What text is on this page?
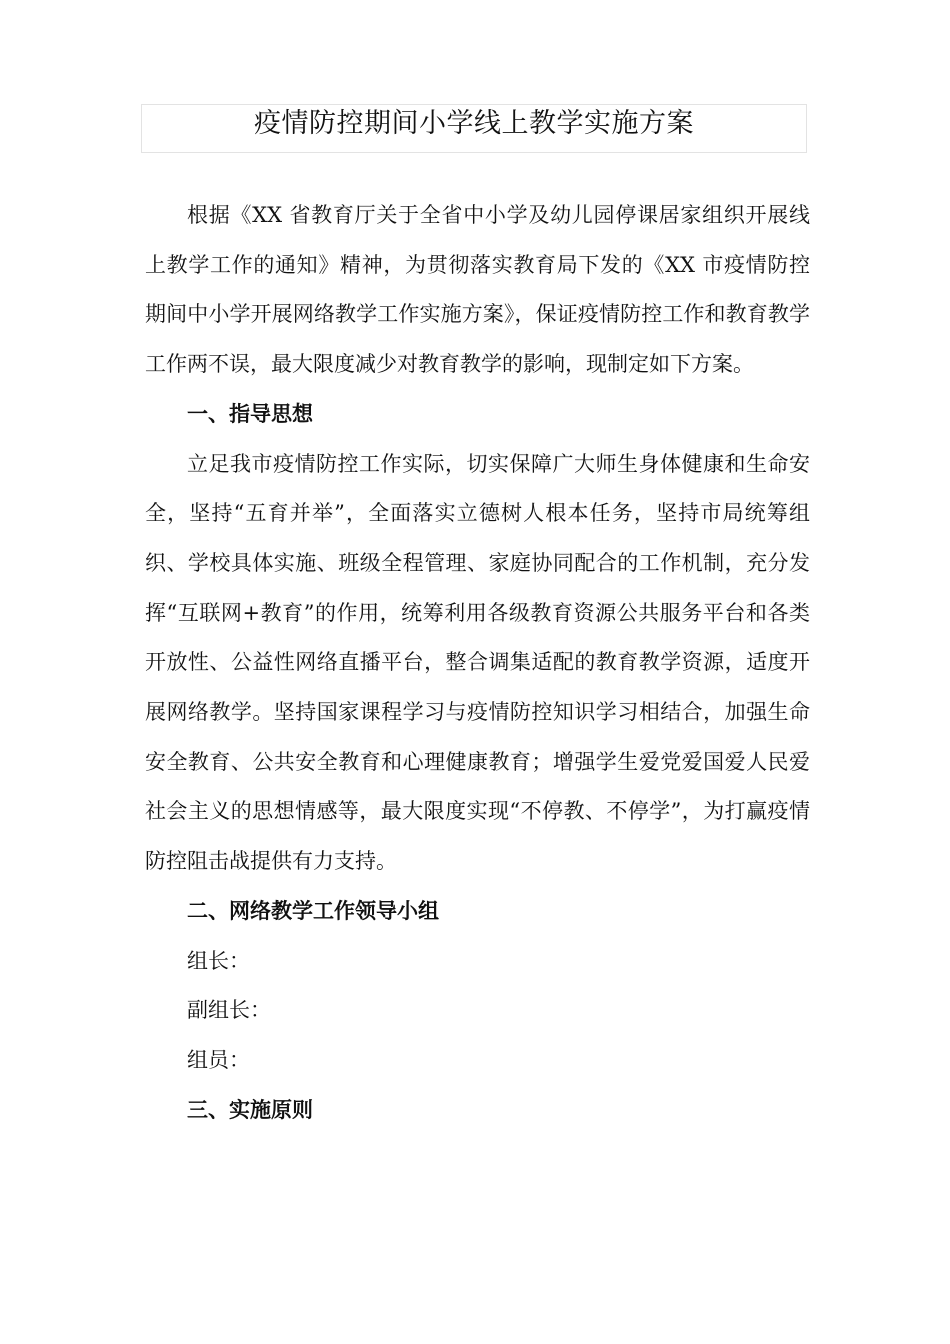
疫情防控期间小学线上教学实施方案

根据《XX 省教育厅关于全省中小学及幼儿园停课居家组织开展线上教学工作的通知》精神，为贯彻落实教育局下发的《XX 市疫情防控期间中小学开展网络教学工作实施方案》，保证疫情防控工作和教育教学工作两不误，最大限度减少对教育教学的影响，现制定如下方案。

一、指导思想

立足我市疫情防控工作实际，切实保障广大师生身体健康和生命安全，坚持“五育并举”，全面落实立德树人根本任务，坚持市局统筹组织、学校具体实施、班级全程管理、家庭协同配合的工作机制，充分发挥“互联网+教育”的作用，统筹利用各级教育资源公共服务平台和各类开放性、公益性网络直播平台，整合调集适配的教育教学资源，适度开展网络教学。坚持国家课程学习与疫情防控知识学习相结合，加强生命安全教育、公共安全教育和心理健康教育；增强学生爱党爱国爱人民爱社会主义的思想情感等，最大限度实现“不停教、不停学”，为打赢疫情防控阻击战提供有力支持。

二、网络教学工作领导小组

组长：

副组长：

组员：

三、实施原则
